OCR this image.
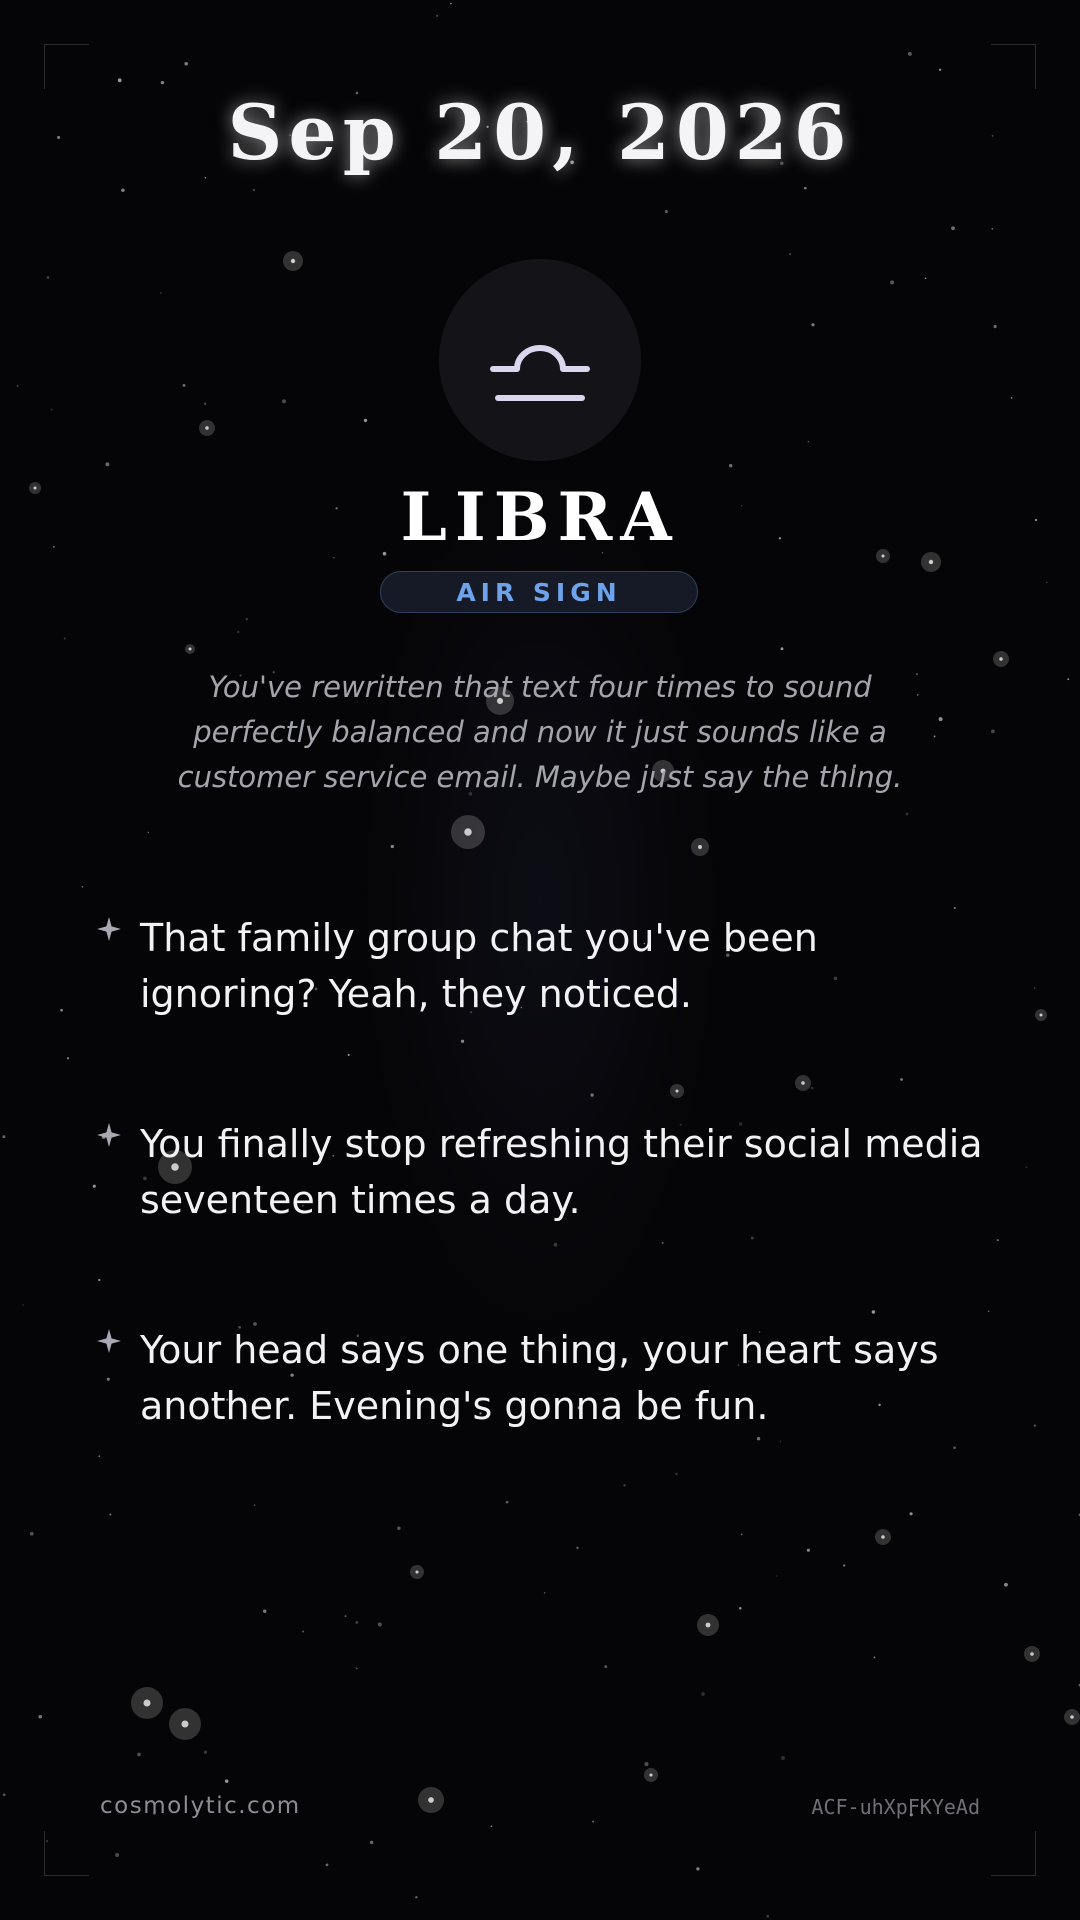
Sep 20, 2026
LIBRA
AIR SIGN
You've rewritten that text four times to sound perfectly balanced and now it just sounds like a customer service email. Maybe just say the thing.
That family group chat you've been ignoring? Yeah, they noticed.
You finally stop refreshing their social media seventeen times a day.
Your head says one thing, your heart says another. Evening's gonna be fun.
cosmolytic.com	ACF-uhXpFKYeAd
